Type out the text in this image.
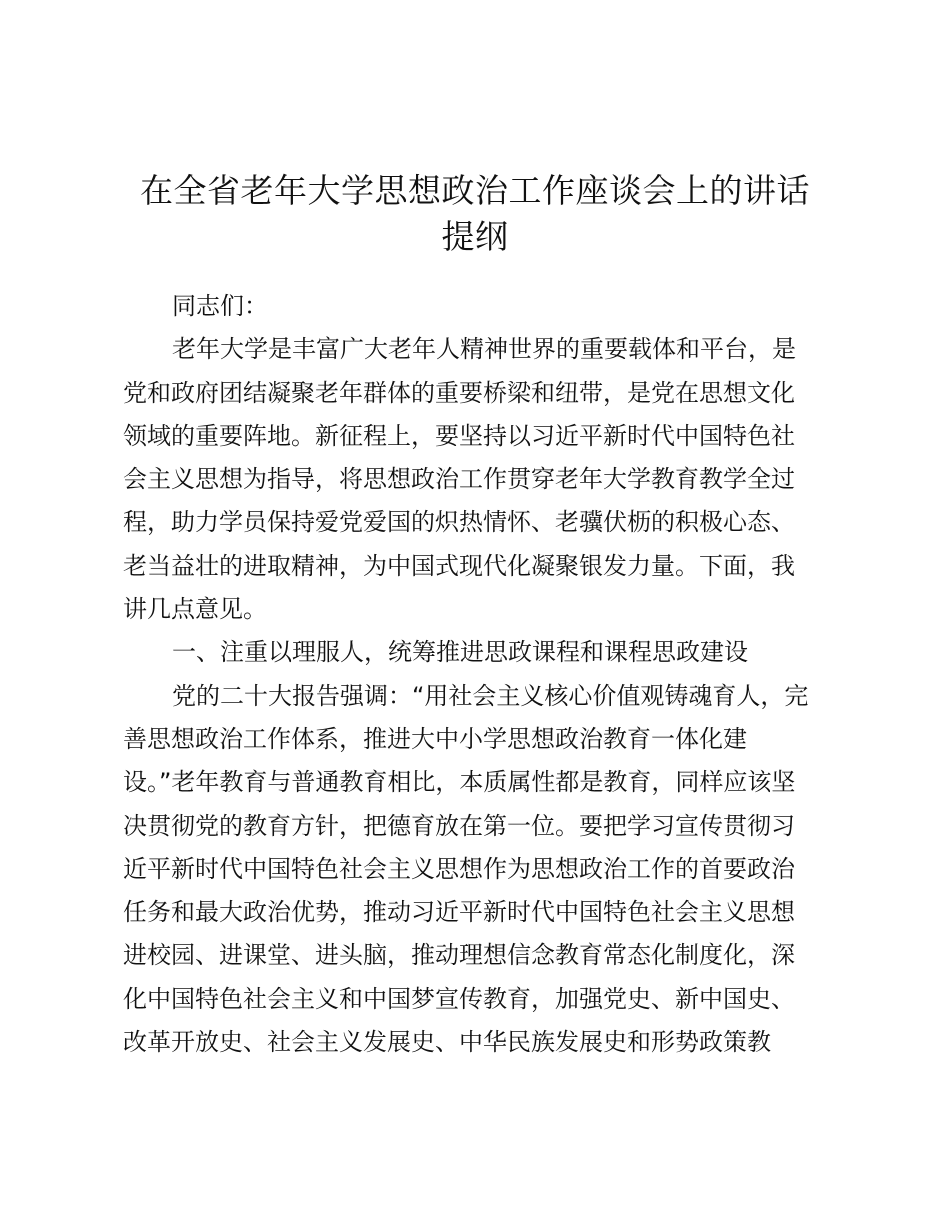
在全省老年大学思想政治工作座谈会上的讲话
提纲
同志们：
老年大学是丰富广大老年人精神世界的重要载体和平台，是
党和政府团结凝聚老年群体的重要桥梁和纽带，是党在思想文化
领域的重要阵地。新征程上，要坚持以习近平新时代中国特色社
会主义思想为指导，将思想政治工作贯穿老年大学教育教学全过
程，助力学员保持爱党爱国的炽热情怀、老骥伏枥的积极心态、
老当益壮的进取精神，为中国式现代化凝聚银发力量。下面，我
讲几点意见。
一、注重以理服人，统筹推进思政课程和课程思政建设
党的二十大报告强调：“用社会主义核心价值观铸魂育人，完
善思想政治工作体系，推进大中小学思想政治教育一体化建
设。”老年教育与普通教育相比，本质属性都是教育，同样应该坚
决贯彻党的教育方针，把德育放在第一位。要把学习宣传贯彻习
近平新时代中国特色社会主义思想作为思想政治工作的首要政治
任务和最大政治优势，推动习近平新时代中国特色社会主义思想
进校园、进课堂、进头脑，推动理想信念教育常态化制度化，深
化中国特色社会主义和中国梦宣传教育，加强党史、新中国史、
改革开放史、社会主义发展史、中华民族发展史和形势政策教
